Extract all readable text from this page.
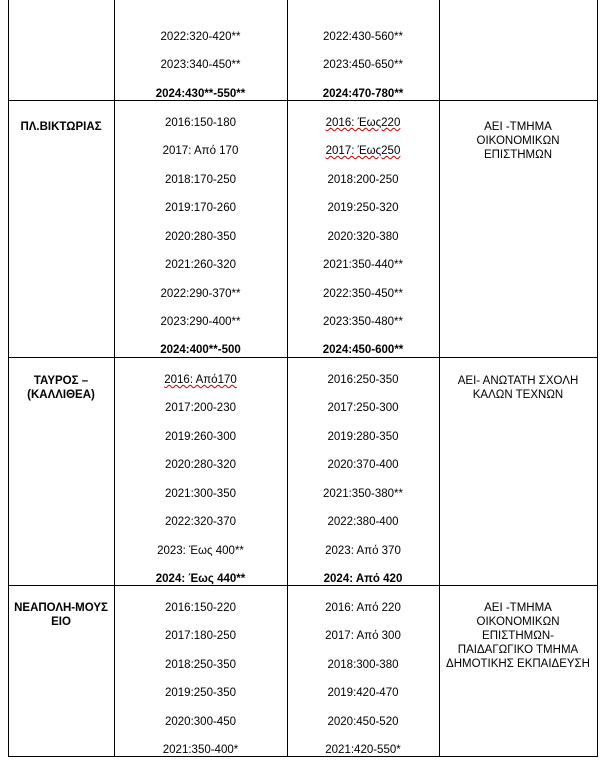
2022:320-420**
2023:340-450**
2024:430**-550**
2022:430-560**
2023:450-650**
2024:470-780**
ΠΛ.ΒΙΚΤΩΡΙΑΣ	2016:150-180
2017: Από 170
2018:170-250
2019:170-260
2020:280-350
2021:260-320
2022:290-370**
2023:290-400**
2024:400**-500
2016: Έως220
2017: Έως250
2018:200-250
2019:250-320
2020:320-380
2021:350-440**
2022:350-450**
2023:350-480**
2024:450-600**
ΑΕΙ -ΤΜΗΜΑ ΟΙΚΟΝΟΜΙΚΩΝ ΕΠΙΣΤΗΜΩΝ
ΤΑΥΡΟΣ –(ΚΑΛΛΙΘΕΑ)
2016: Από170
2017:200-230
2019:260-300
2020:280-320
2021:300-350
2022:320-370
2023: Έως 400**
2024: Έως 440**
2016:250-350
2017:250-300
2019:280-350
2020:370-400
2021:350-380**
2022:380-400
2023: Από 370
2024: Από 420
ΑΕΙ- ΑΝΩΤΑΤΗ ΣΧΟΛΗ ΚΑΛΩΝ ΤΕΧΝΩΝ
ΝΕΑΠΟΛΗ-ΜΟΥΣΕΙΟ
2016:150-220
2017:180-250
2018:250-350
2019:250-350
2020:300-450
2021:350-400*
2016: Από 220
2017: Από 300
2018:300-380
2019:420-470
2020:450-520
2021:420-550*
ΑΕΙ -ΤΜΗΜΑ ΟΙΚΟΝΟΜΙΚΩΝ ΕΠΙΣΤΗΜΩΝ- ΠΑΙΔΑΓΩΓΙΚΟ ΤΜΗΜΑ ΔΗΜΟΤΙΚΗΣ ΕΚΠΑΙΔΕΥΣΗ
